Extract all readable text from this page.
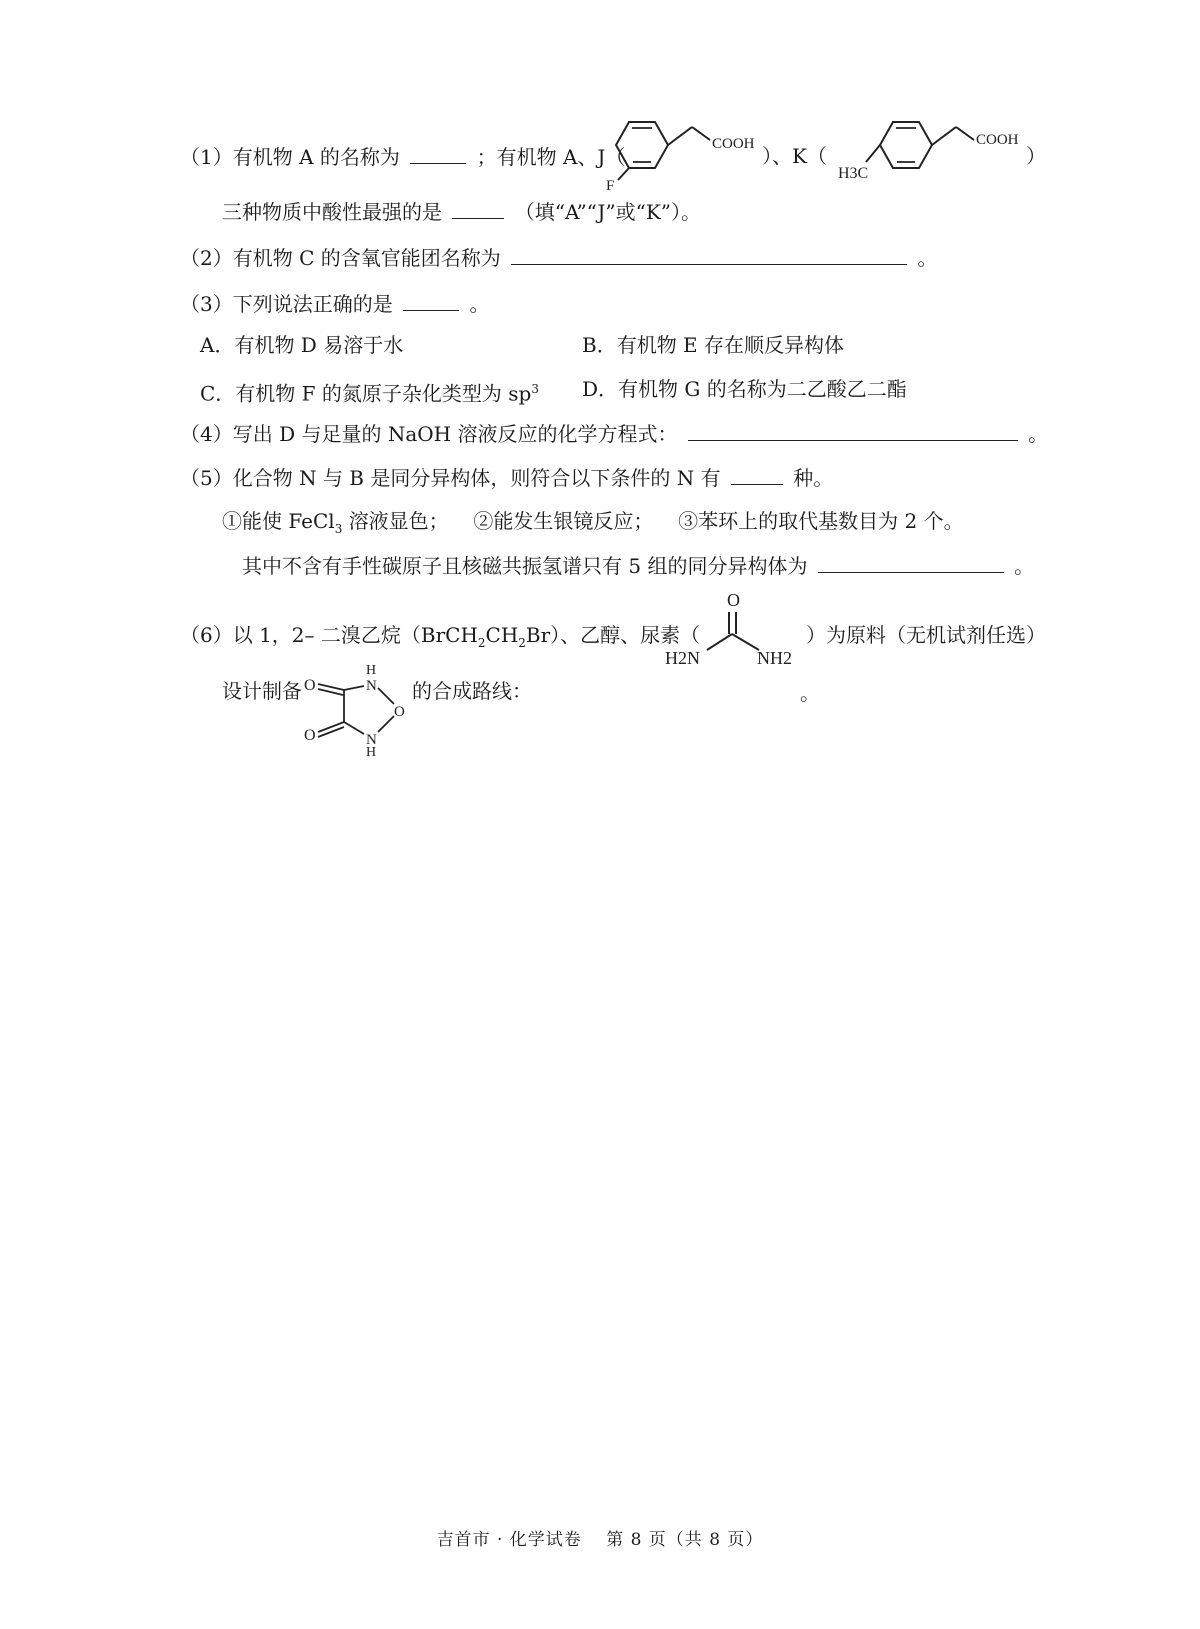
（1）有机物 A 的名称为	；有机物 A、J（
COOH
F
）、K（
COOH
H3C
）
三种物质中酸性最强的是	（填“A”“J”或“K”）。
（2）有机物 C 的含氧官能团名称为	。
（3）下列说法正确的是	。
A．有机物 D 易溶于水	B．有机物 E 存在顺反异构体
C．有机物 F 的氮原子杂化类型为 $sp^3$ D．有机物 G 的名称为二乙酸乙二酯
（4）写出 D 与足量的 NaOH 溶液反应的化学方程式：	。
（5）化合物 N 与 B 是同分异构体，则符合以下条件的 N 有	种。
①能使 FeCl$_3$ 溶液显色； ②能发生银镜反应； ③苯环上的取代基数目为 2 个。
其中不含有手性碳原子且核磁共振氢谱只有 5 组的同分异构体为	。
（6）以 1，2– 二溴乙烷$(BrCH_2CH_2Br)$、乙醇、尿素（
O
H2N	NH2
）为原料（无机试剂任选）
设计制备
H
N
O
N
H
O
O
的合成路线：	。
吉首市 · 化学试卷　 第 8 页（共 8 页）
